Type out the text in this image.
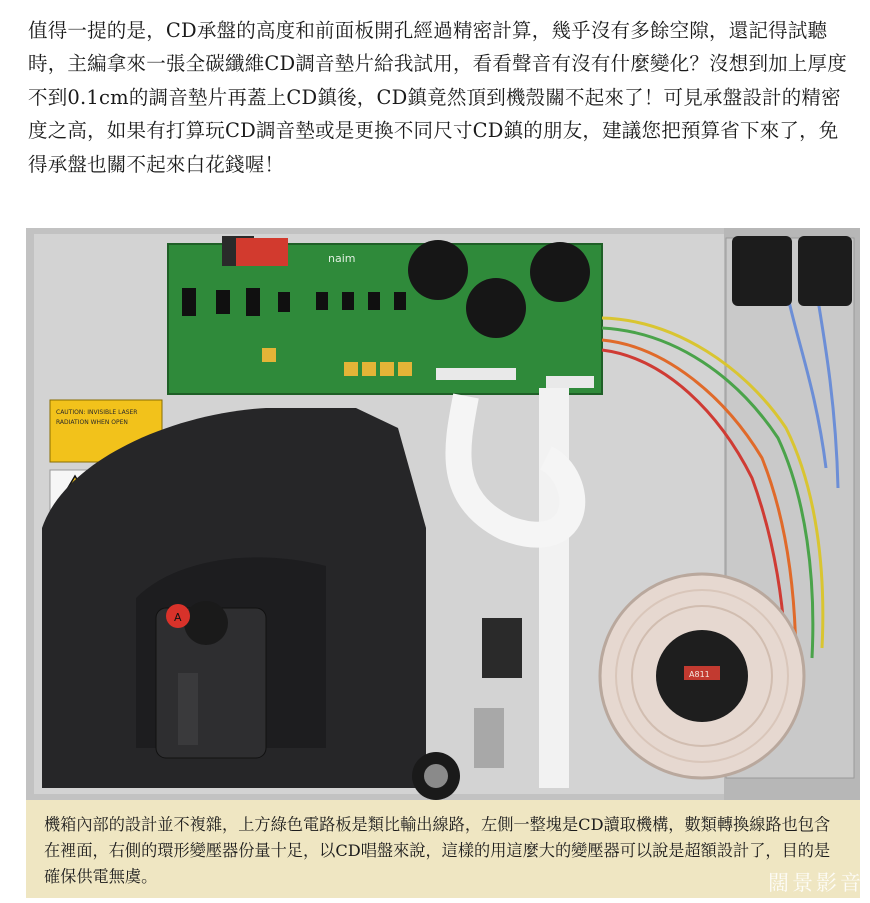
值得一提的是，CD承盤的高度和前面板開孔經過精密計算，幾乎沒有多餘空隙，還記得試聽時，主編拿來一張全碳纖維CD調音墊片給我試用，看看聲音有沒有什麼變化？沒想到加上厚度不到0.1cm的調音墊片再蓋上CD鎮後，CD鎮竟然頂到機殼關不起來了！可見承盤設計的精密度之高，如果有打算玩CD調音墊或是更換不同尺寸CD鎮的朋友，建議您把預算省下來了，免得承盤也關不起來白花錢喔！

naim
CAUTION: INVISIBLE LASER
RADIATION WHEN OPEN
A
A811

機箱內部的設計並不複雜，上方綠色電路板是類比輸出線路，左側一整塊是CD讀取機構，數類轉換線路也包含在裡面，右側的環形變壓器份量十足，以CD唱盤來說，這樣的用這麼大的變壓器可以說是超額設計了，目的是確保供電無虞。	闊景影音
